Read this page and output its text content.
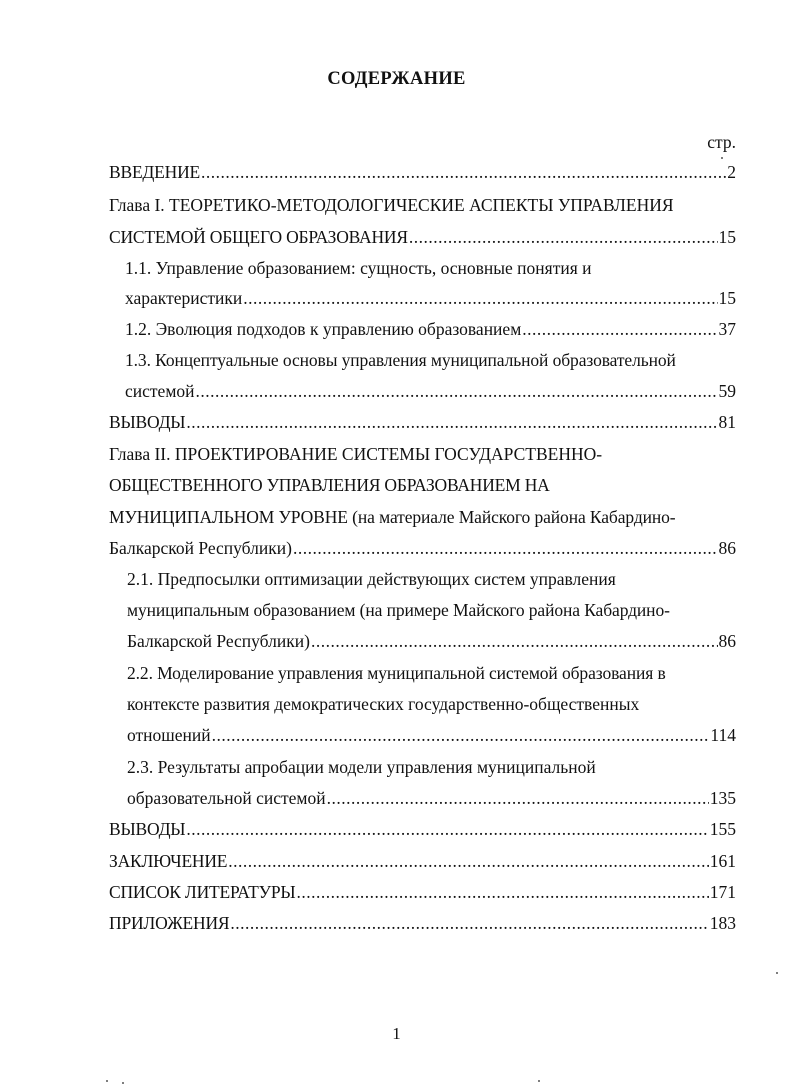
СОДЕРЖАНИЕ
стр.
ВВЕДЕНИЕ .....	2
Глава I. ТЕОРЕТИКО-МЕТОДОЛОГИЧЕСКИЕ АСПЕКТЫ УПРАВЛЕНИЯ
СИСТЕМОЙ ОБЩЕГО ОБРАЗОВАНИЯ .....	15
1.1. Управление образованием: сущность, основные понятия и
характеристики .....	15
1.2. Эволюция подходов к управлению образованием .....	37
1.3. Концептуальные основы управления муниципальной образовательной
системой .....	59
ВЫВОДЫ .....	81
Глава II. ПРОЕКТИРОВАНИЕ СИСТЕМЫ ГОСУДАРСТВЕННО-
ОБЩЕСТВЕННОГО УПРАВЛЕНИЯ ОБРАЗОВАНИЕМ НА
МУНИЦИПАЛЬНОМ УРОВНЕ (на материале Майского района Кабардино-
Балкарской Республики) .....	86
2.1. Предпосылки оптимизации действующих систем управления
муниципальным образованием (на примере Майского района Кабардино-
Балкарской Республики) .....	86
2.2. Моделирование управления муниципальной системой образования в
контексте развития демократических государственно-общественных
отношений .....	114
2.3. Результаты апробации модели управления муниципальной
образовательной системой .....	135
ВЫВОДЫ .....	155
ЗАКЛЮЧЕНИЕ .....	161
СПИСОК ЛИТЕРАТУРЫ .....	171
ПРИЛОЖЕНИЯ .....	183
1
